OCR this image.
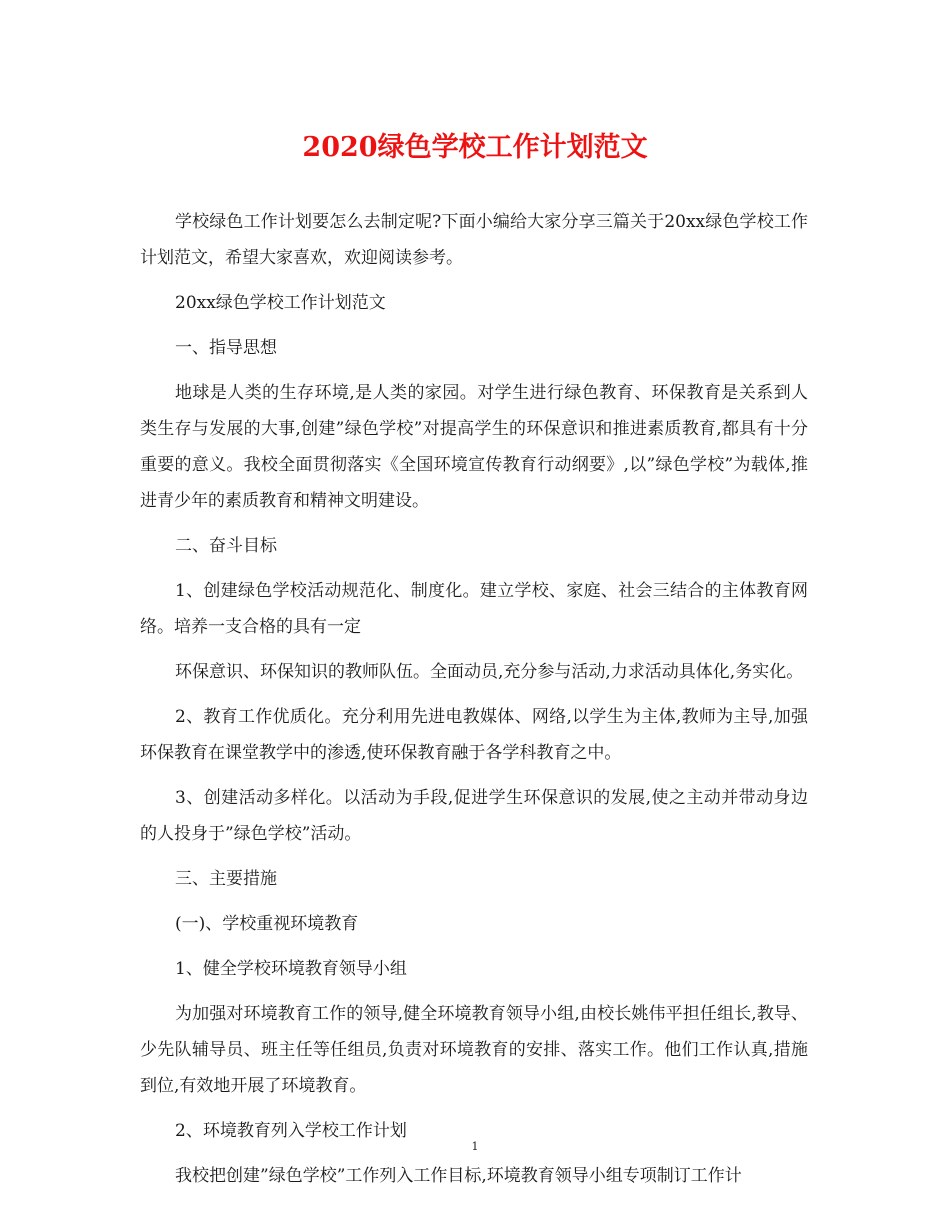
2020绿色学校工作计划范文

学校绿色工作计划要怎么去制定呢?下面小编给大家分享三篇关于20xx绿色学校工作计划范文，希望大家喜欢，欢迎阅读参考。

20xx绿色学校工作计划范文

一、指导思想

地球是人类的生存环境,是人类的家园。对学生进行绿色教育、环保教育是关系到人类生存与发展的大事,创建”绿色学校”对提高学生的环保意识和推进素质教育,都具有十分重要的意义。我校全面贯彻落实《全国环境宣传教育行动纲要》,以”绿色学校”为载体,推进青少年的素质教育和精神文明建设。

二、奋斗目标

1、创建绿色学校活动规范化、制度化。建立学校、家庭、社会三结合的主体教育网络。培养一支合格的具有一定

环保意识、环保知识的教师队伍。全面动员,充分参与活动,力求活动具体化,务实化。

2、教育工作优质化。充分利用先进电教媒体、网络,以学生为主体,教师为主导,加强环保教育在课堂教学中的渗透,使环保教育融于各学科教育之中。

3、创建活动多样化。以活动为手段,促进学生环保意识的发展,使之主动并带动身边的人投身于”绿色学校”活动。

三、主要措施

(一)、学校重视环境教育

1、健全学校环境教育领导小组

为加强对环境教育工作的领导,健全环境教育领导小组,由校长姚伟平担任组长,教导、少先队辅导员、班主任等任组员,负责对环境教育的安排、落实工作。他们工作认真,措施到位,有效地开展了环境教育。

2、环境教育列入学校工作计划

我校把创建”绿色学校”工作列入工作目标,环境教育领导小组专项制订工作计

1
